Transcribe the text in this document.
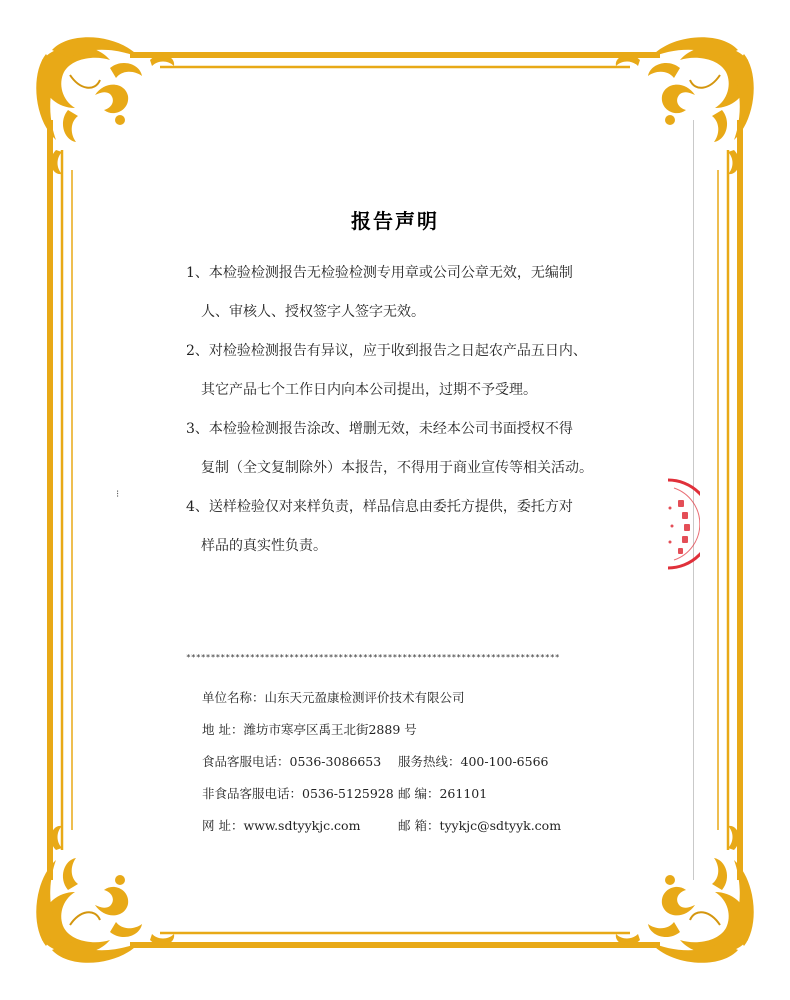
报告声明
1、本检验检测报告无检验检测专用章或公司公章无效，无编制
人、审核人、授权签字人签字无效。
2、对检验检测报告有异议，应于收到报告之日起农产品五日内、
其它产品七个工作日内向本公司提出，过期不予受理。
3、本检验检测报告涂改、增删无效，未经本公司书面授权不得
复制（全文复制除外）本报告，不得用于商业宣传等相关活动。
4、送样检验仅对来样负责，样品信息由委托方提供，委托方对
样品的真实性负责。
⁝
****************************************************************************
单位名称：山东天元盈康检测评价技术有限公司
地 址：潍坊市寒亭区禹王北街2889 号
食品客服电话：0536-3086653 服务热线：400-100-6566
非食品客服电话：0536-5125928 邮 编：261101
网 址：www.sdtyykjc.com	邮 箱：tyykjc@sdtyyk.com
